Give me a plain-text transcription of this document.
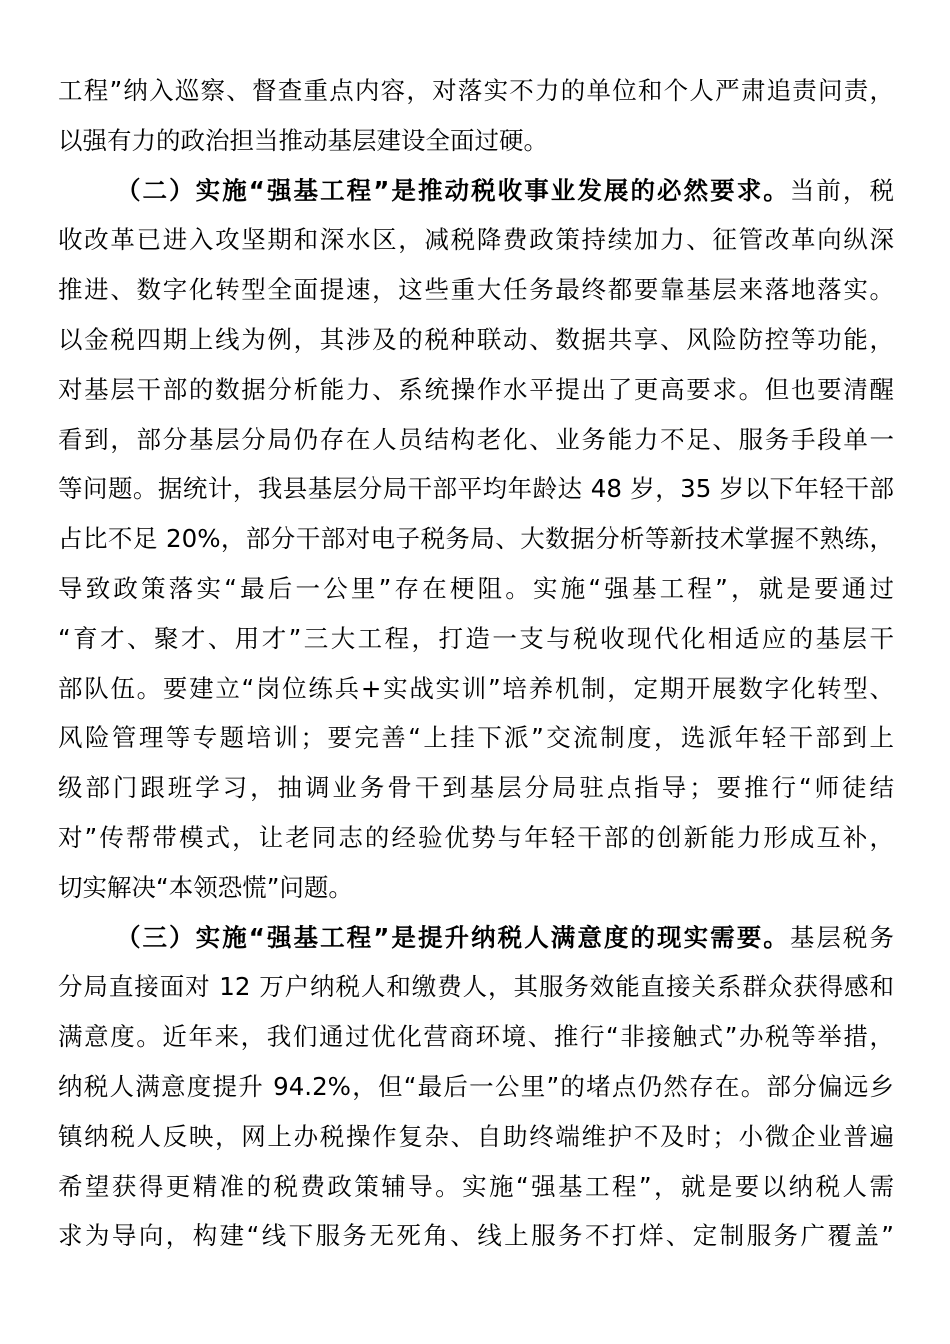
工程”纳入巡察、督查重点内容，对落实不力的单位和个人严肃追责问责，
以强有力的政治担当推动基层建设全面过硬。
（二）实施“强基工程”是推动税收事业发展的必然要求。当前，税
收改革已进入攻坚期和深水区，减税降费政策持续加力、征管改革向纵深
推进、数字化转型全面提速，这些重大任务最终都要靠基层来落地落实。
以金税四期上线为例，其涉及的税种联动、数据共享、风险防控等功能，
对基层干部的数据分析能力、系统操作水平提出了更高要求。但也要清醒
看到，部分基层分局仍存在人员结构老化、业务能力不足、服务手段单一
等问题。据统计，我县基层分局干部平均年龄达 48 岁，35 岁以下年轻干部
占比不足 20%，部分干部对电子税务局、大数据分析等新技术掌握不熟练，
导致政策落实“最后一公里”存在梗阻。实施“强基工程”，就是要通过
“育才、聚才、用才”三大工程，打造一支与税收现代化相适应的基层干
部队伍。要建立“岗位练兵+实战实训”培养机制，定期开展数字化转型、
风险管理等专题培训；要完善“上挂下派”交流制度，选派年轻干部到上
级部门跟班学习，抽调业务骨干到基层分局驻点指导；要推行“师徒结
对”传帮带模式，让老同志的经验优势与年轻干部的创新能力形成互补，
切实解决“本领恐慌”问题。
（三）实施“强基工程”是提升纳税人满意度的现实需要。基层税务
分局直接面对 12 万户纳税人和缴费人，其服务效能直接关系群众获得感和
满意度。近年来，我们通过优化营商环境、推行“非接触式”办税等举措，
纳税人满意度提升 94.2%，但“最后一公里”的堵点仍然存在。部分偏远乡
镇纳税人反映，网上办税操作复杂、自助终端维护不及时；小微企业普遍
希望获得更精准的税费政策辅导。实施“强基工程”，就是要以纳税人需
求为导向，构建“线下服务无死角、线上服务不打烊、定制服务广覆盖”
